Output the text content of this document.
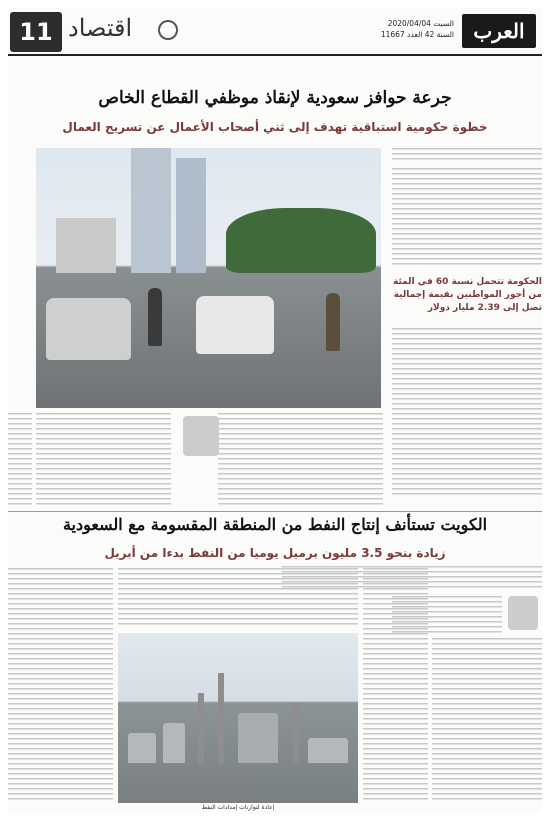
العرب
السبت 2020/04/04
السنة 42 العدد 11667
اقتصاد
11
جرعة حوافز سعودية لإنقاذ موظفي القطاع الخاص
خطوة حكومية استباقية تهدف إلى ثني أصحاب الأعمال عن تسريح العمال
الحكومة تتحمل نسبة 60 في المئة من أجور المواطنين بقيمة إجمالية تصل إلى 2.39 مليار دولار
الكويت تستأنف إنتاج النفط من المنطقة المقسومة مع السعودية
زيادة بنحو 3.5 مليون برميل يوميا من النفط بدءا من أبريل
إعادة لتوازنات إمدادات النفط
